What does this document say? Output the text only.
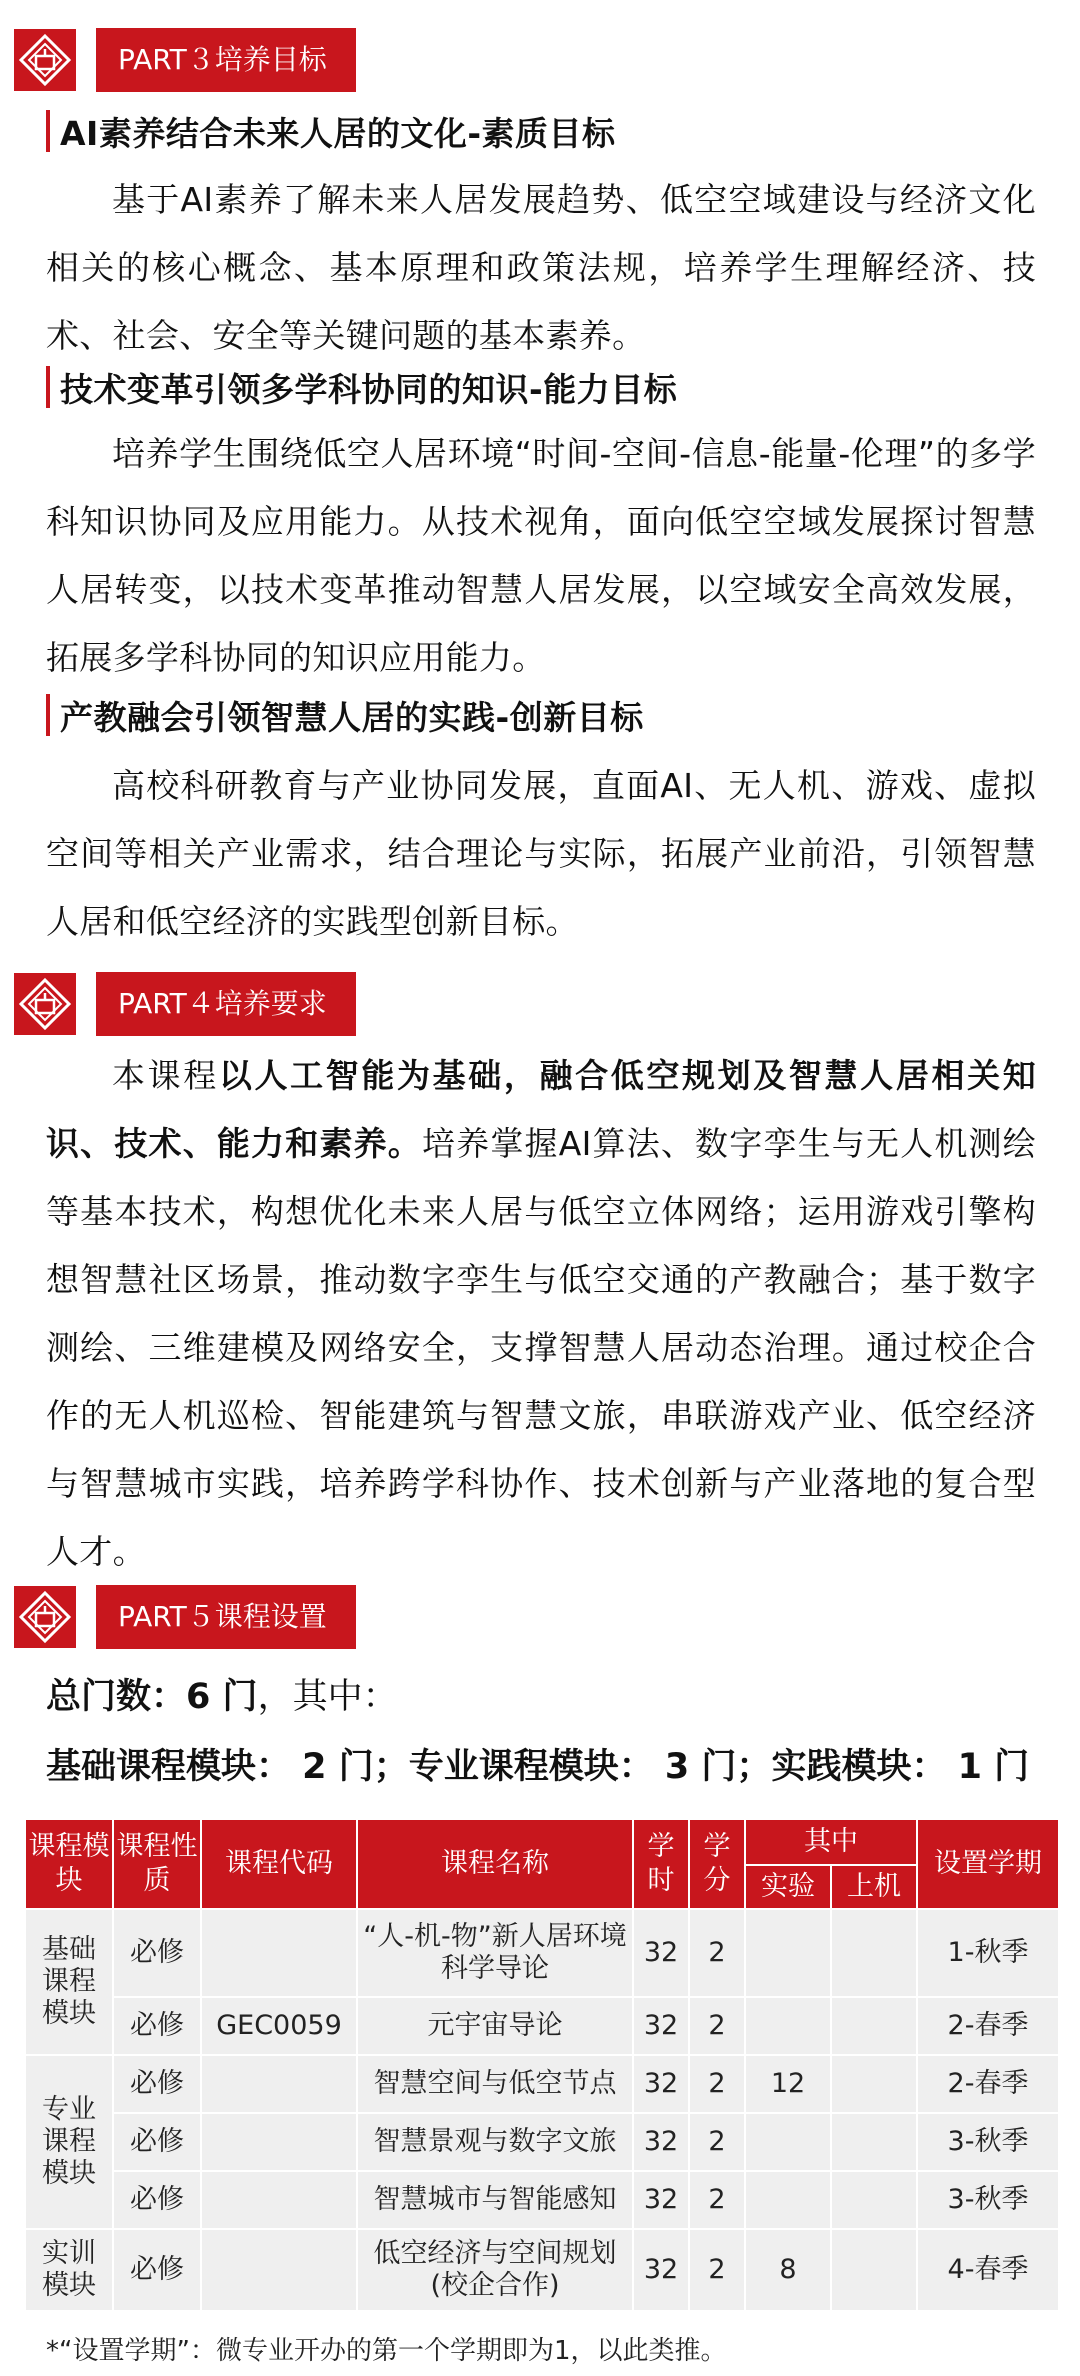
PART３培养目标
AI素养结合未来人居的文化-素质目标

基于AI素养了解未来人居发展趋势、低空空域建设与经济文化相关的核心概念、基本原理和政策法规，培养学生理解经济、技术、社会、安全等关键问题的基本素养。

技术变革引领多学科协同的知识-能力目标

培养学生围绕低空人居环境“时间-空间-信息-能量-伦理”的多学科知识协同及应用能力。从技术视角，面向低空空域发展探讨智慧人居转变，以技术变革推动智慧人居发展，以空域安全高效发展，拓展多学科协同的知识应用能力。

产教融会引领智慧人居的实践-创新目标

高校科研教育与产业协同发展，直面AI、无人机、游戏、虚拟空间等相关产业需求，结合理论与实际，拓展产业前沿，引领智慧人居和低空经济的实践型创新目标。

PART４培养要求

本课程以人工智能为基础，融合低空规划及智慧人居相关知识、技术、能力和素养。培养掌握AI算法、数字孪生与无人机测绘等基本技术，构想优化未来人居与低空立体网络；运用游戏引擎构想智慧社区场景，推动数字孪生与低空交通的产教融合；基于数字测绘、三维建模及网络安全，支撑智慧人居动态治理。通过校企合作的无人机巡检、智能建筑与智慧文旅，串联游戏产业、低空经济与智慧城市实践，培养跨学科协作、技术创新与产业落地的复合型人才。

PART５课程设置
总门数：6 门，其中：
基础课程模块： 2 门；专业课程模块： 3 门；实践模块： 1 门
课程模块	课程性质	课程代码	课程名称	学时	学分	其中		设置学期
						实验	上机	
基础课程模块	必修		“人-机-物”新人居环境科学导论	32	2			1-秋季
	必修	GEC0059	元宇宙导论	32	2			2-春季
专业课程模块	必修		智慧空间与低空节点	32	2	12		2-春季
	必修		智慧景观与数字文旅	32	2			3-秋季
	必修		智慧城市与智能感知	32	2			3-秋季
实训模块	必修		低空经济与空间规划(校企合作)	32	2	8		4-春季
*“设置学期”：微专业开办的第一个学期即为1，以此类推。
